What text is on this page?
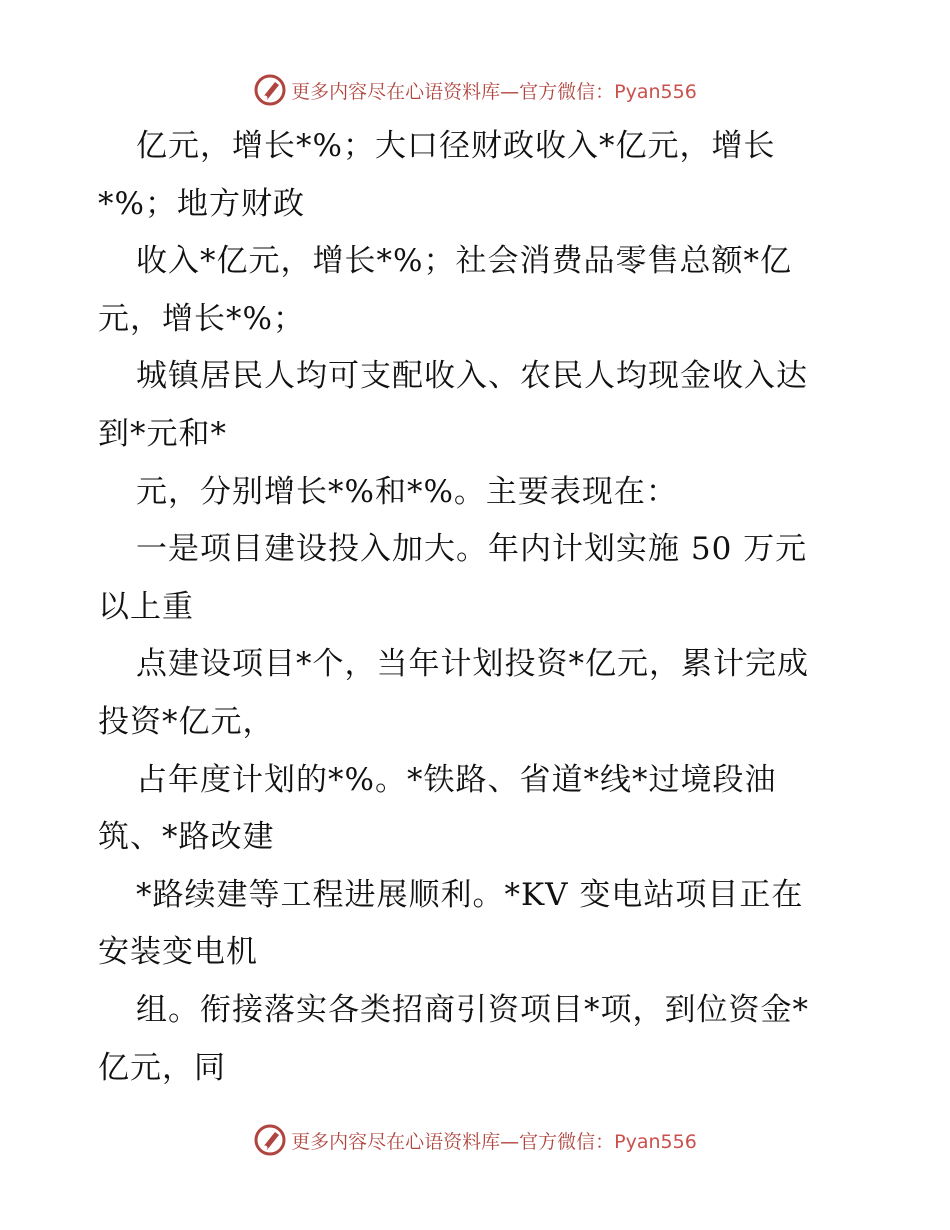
更多内容尽在心语资料库—官方微信：Pyan556
亿元，增长*%；大口径财政收入*亿元，增长
*%；地方财政
收入*亿元，增长*%；社会消费品零售总额*亿
元，增长*%；
城镇居民人均可支配收入、农民人均现金收入达
到*元和*
元，分别增长*%和*%。主要表现在：
一是项目建设投入加大。年内计划实施 50 万元
以上重
点建设项目*个，当年计划投资*亿元，累计完成
投资*亿元，
占年度计划的*%。*铁路、省道*线*过境段油
筑、*路改建
*路续建等工程进展顺利。*KV 变电站项目正在
安装变电机
组。衔接落实各类招商引资项目*项，到位资金*
亿元，同
更多内容尽在心语资料库—官方微信：Pyan556
